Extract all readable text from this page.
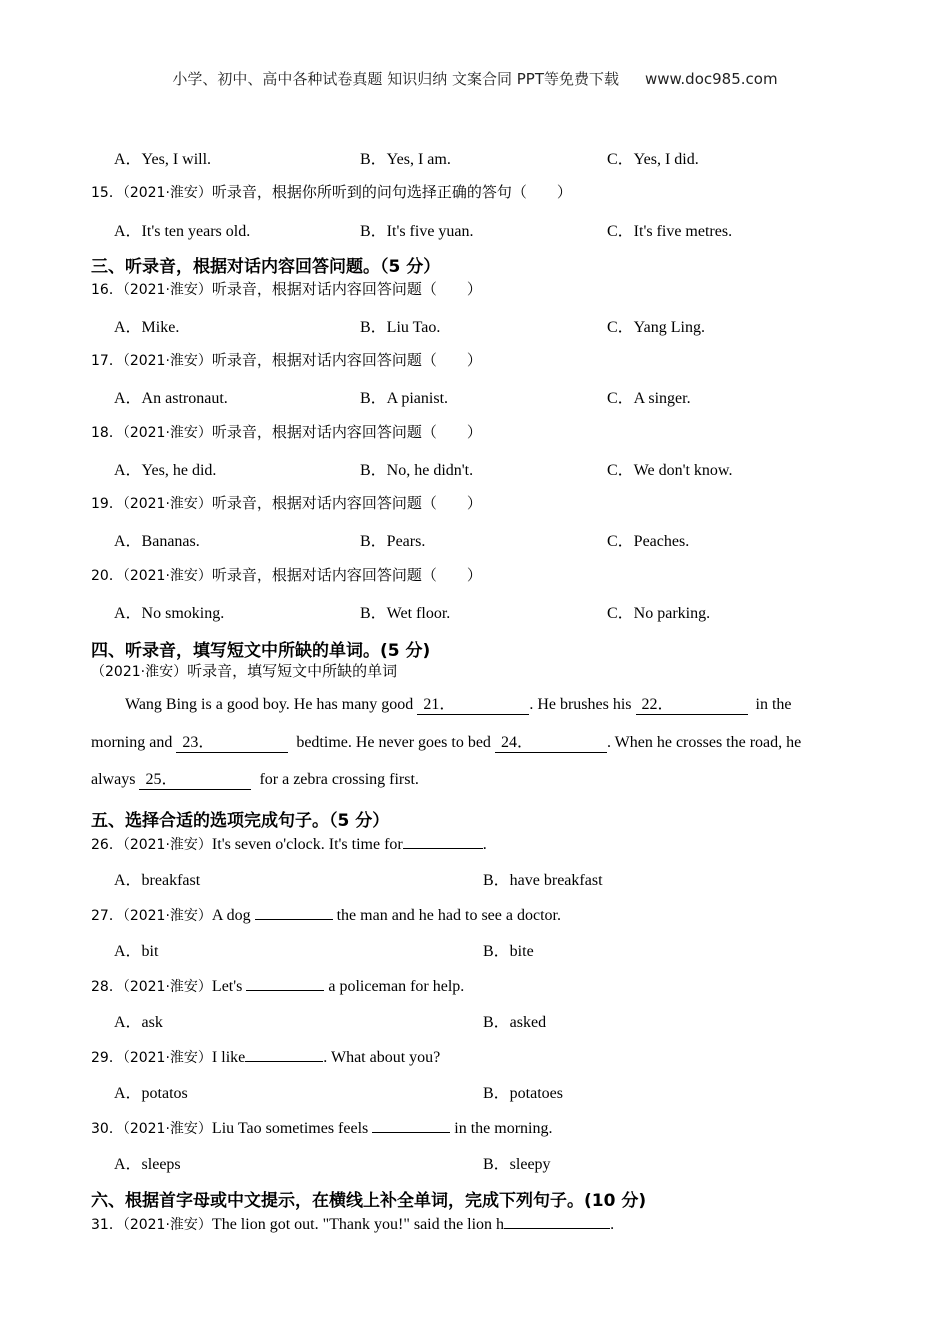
小学、初中、高中各种试卷真题 知识归纳 文案合同 PPT等免费下载 www.doc985.com
A．Yes, I will.	B．Yes, I am.	C．Yes, I did.
15．（2021·淮安）听录音，根据你所听到的问句选择正确的答句（　　）
A．It's ten years old.	B．It's five yuan.	C．It's five metres.
三、听录音，根据对话内容回答问题。（5 分）
16．（2021·淮安）听录音，根据对话内容回答问题（　　）
A．Mike.	B．Liu Tao.	C．Yang Ling.
17．（2021·淮安）听录音，根据对话内容回答问题（　　）
A．An astronaut.	B．A pianist.	C．A singer.
18．（2021·淮安）听录音，根据对话内容回答问题（　　）
A．Yes, he did.	B．No, he didn't.	C．We don't know.
19．（2021·淮安）听录音，根据对话内容回答问题（　　）
A．Bananas.	B．Pears.	C．Peaches.
20．（2021·淮安）听录音，根据对话内容回答问题（　　）
A．No smoking.	B．Wet floor.	C．No parking.
四、听录音，填写短文中所缺的单词。(5 分)
（2021·淮安）听录音，填写短文中所缺的单词
Wang Bing is a good boy. He has many good 21．	. He brushes his 22．	in the
morning and 23．	bedtime. He never goes to bed 24．	. When he crosses the road, he
always 25．	for a zebra crossing first.
五、选择合适的选项完成句子。（5 分）
26．（2021·淮安）It's seven o'clock. It's time for	.
A．breakfast	B．have breakfast
27．（2021·淮安）A dog	the man and he had to see a doctor.
A．bit	B．bite
28．（2021·淮安）Let's	a policeman for help.
A．ask	B．asked
29．（2021·淮安）I like	. What about you?
A．potatos	B．potatoes
30．（2021·淮安）Liu Tao sometimes feels	in the morning.
A．sleeps	B．sleepy
六、根据首字母或中文提示，在横线上补全单词，完成下列句子。(10 分)
31．（2021·淮安）The lion got out. "Thank you!" said the lion h	.
